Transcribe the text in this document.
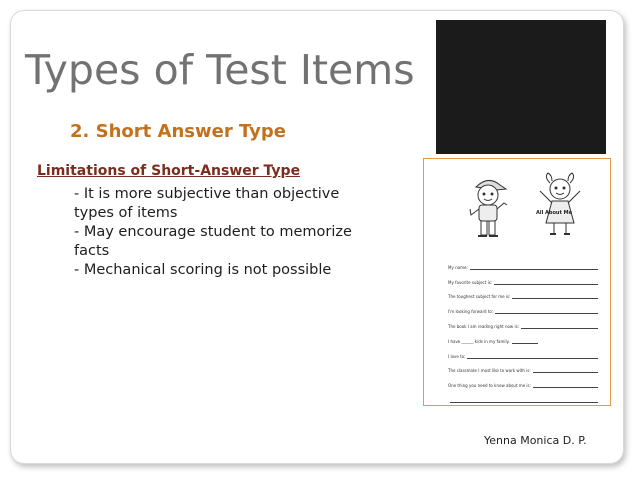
Types of Test Items
2. Short Answer Type
Limitations of Short-Answer Type
- It is more subjective than objective
types of items
- May encourage student to memorize
facts
- Mechanical scoring is not possible
All About Me
My name:
My favorite subject is:
The toughest subject for me is:
I'm looking forward to:
The book I am reading right now is:
I have ______ kids in my family.
I love to:
The classmate I most like to work with is:
One thing you need to know about me is:
Yenna Monica D. P.
